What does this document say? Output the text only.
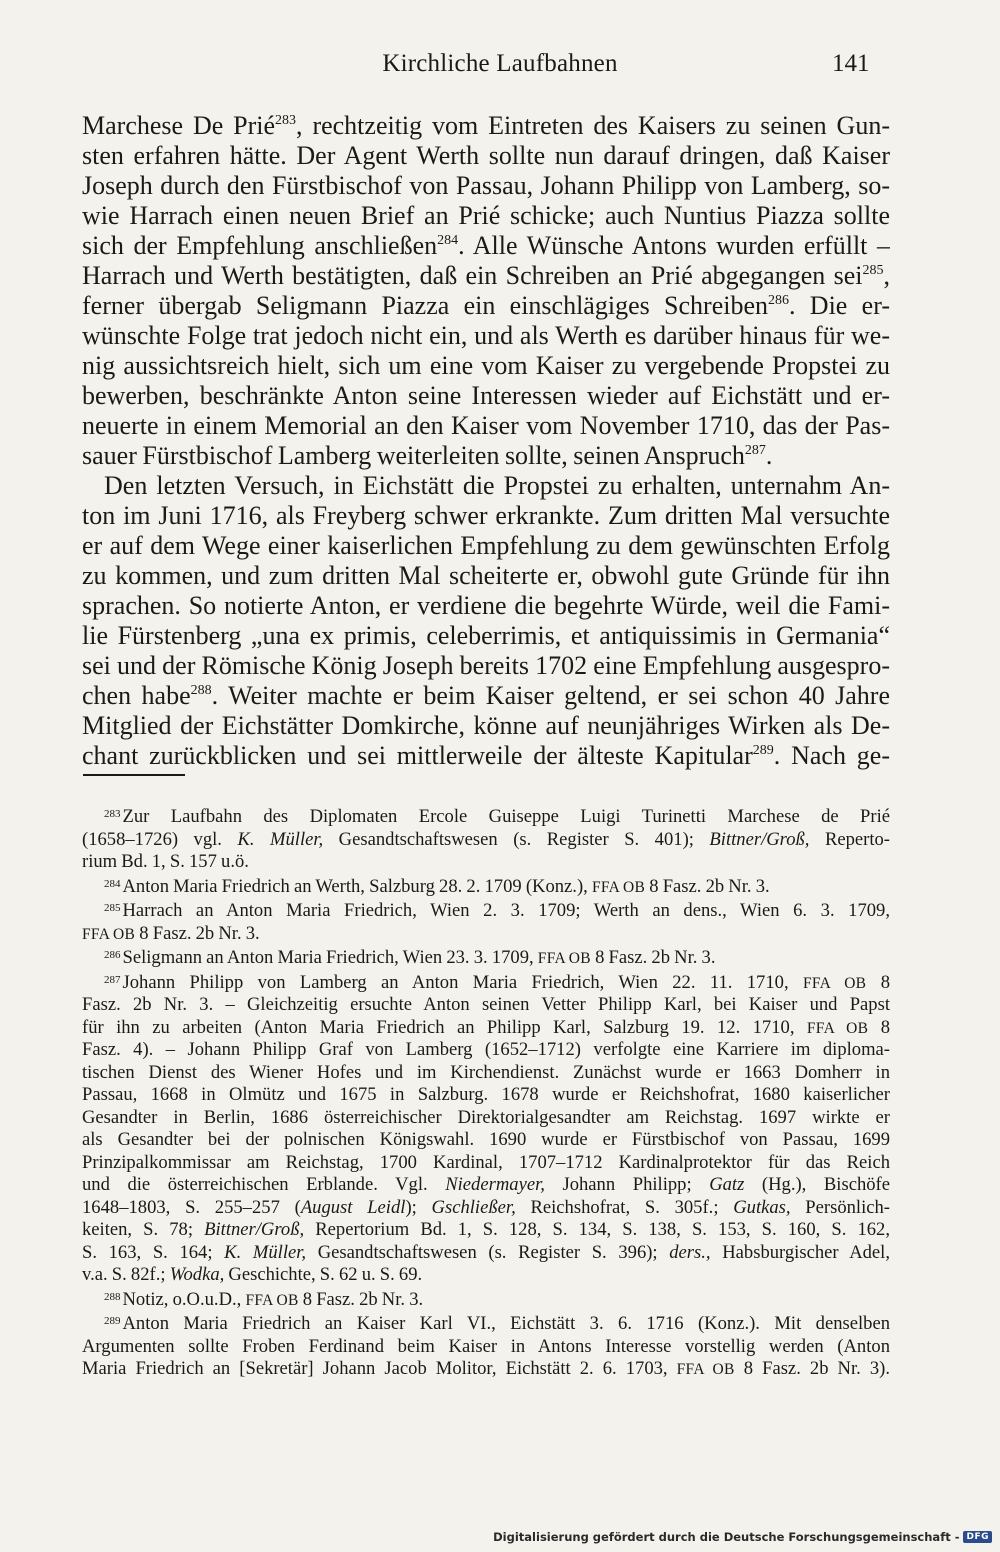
Kirchliche Laufbahnen	141
Marchese De Prié$^{283}$, rechtzeitig vom Eintreten des Kaisers zu seinen Gun-
sten erfahren hätte. Der Agent Werth sollte nun darauf dringen, daß Kaiser
Joseph durch den Fürstbischof von Passau, Johann Philipp von Lamberg, so-
wie Harrach einen neuen Brief an Prié schicke; auch Nuntius Piazza sollte
sich der Empfehlung anschließen$^{284}$. Alle Wünsche Antons wurden erfüllt –
Harrach und Werth bestätigten, daß ein Schreiben an Prié abgegangen sei$^{285}$,
ferner übergab Seligmann Piazza ein einschlägiges Schreiben$^{286}$. Die er-
wünschte Folge trat jedoch nicht ein, und als Werth es darüber hinaus für we-
nig aussichtsreich hielt, sich um eine vom Kaiser zu vergebende Propstei zu
bewerben, beschränkte Anton seine Interessen wieder auf Eichstätt und er-
neuerte in einem Memorial an den Kaiser vom November 1710, das der Pas-
sauer Fürstbischof Lamberg weiterleiten sollte, seinen Anspruch$^{287}$.
Den letzten Versuch, in Eichstätt die Propstei zu erhalten, unternahm An-
ton im Juni 1716, als Freyberg schwer erkrankte. Zum dritten Mal versuchte
er auf dem Wege einer kaiserlichen Empfehlung zu dem gewünschten Erfolg
zu kommen, und zum dritten Mal scheiterte er, obwohl gute Gründe für ihn
sprachen. So notierte Anton, er verdiene die begehrte Würde, weil die Fami-
lie Fürstenberg „una ex primis, celeberrimis, et antiquissimis in Germania“
sei und der Römische König Joseph bereits 1702 eine Empfehlung ausgespro-
chen habe$^{288}$. Weiter machte er beim Kaiser geltend, er sei schon 40 Jahre
Mitglied der Eichstätter Domkirche, könne auf neunjähriges Wirken als De-
chant zurückblicken und sei mittlerweile der älteste Kapitular$^{289}$. Nach ge-
$^{283}$ Zur Laufbahn des Diplomaten Ercole Guiseppe Luigi Turinetti Marchese de Prié
(1658–1726) vgl. K. Müller, Gesandtschaftswesen (s. Register S. 401); Bittner/Groß, Reperto-
rium Bd. 1, S. 157 u.ö.
$^{284}$ Anton Maria Friedrich an Werth, Salzburg 28. 2. 1709 (Konz.), FFA OB 8 Fasz. 2b Nr. 3.
$^{285}$ Harrach an Anton Maria Friedrich, Wien 2. 3. 1709; Werth an dens., Wien 6. 3. 1709,
FFA OB 8 Fasz. 2b Nr. 3.
$^{286}$ Seligmann an Anton Maria Friedrich, Wien 23. 3. 1709, FFA OB 8 Fasz. 2b Nr. 3.
$^{287}$ Johann Philipp von Lamberg an Anton Maria Friedrich, Wien 22. 11. 1710, FFA OB 8
Fasz. 2b Nr. 3. – Gleichzeitig ersuchte Anton seinen Vetter Philipp Karl, bei Kaiser und Papst
für ihn zu arbeiten (Anton Maria Friedrich an Philipp Karl, Salzburg 19. 12. 1710, FFA OB 8
Fasz. 4). – Johann Philipp Graf von Lamberg (1652–1712) verfolgte eine Karriere im diploma-
tischen Dienst des Wiener Hofes und im Kirchendienst. Zunächst wurde er 1663 Domherr in
Passau, 1668 in Olmütz und 1675 in Salzburg. 1678 wurde er Reichshofrat, 1680 kaiserlicher
Gesandter in Berlin, 1686 österreichischer Direktorialgesandter am Reichstag. 1697 wirkte er
als Gesandter bei der polnischen Königswahl. 1690 wurde er Fürstbischof von Passau, 1699
Prinzipalkommissar am Reichstag, 1700 Kardinal, 1707–1712 Kardinalprotektor für das Reich
und die österreichischen Erblande. Vgl. Niedermayer, Johann Philipp; Gatz (Hg.), Bischöfe
1648–1803, S. 255–257 (August Leidl); Gschließer, Reichshofrat, S. 305f.; Gutkas, Persönlich-
keiten, S. 78; Bittner/Groß, Repertorium Bd. 1, S. 128, S. 134, S. 138, S. 153, S. 160, S. 162,
S. 163, S. 164; K. Müller, Gesandtschaftswesen (s. Register S. 396); ders., Habsburgischer Adel,
v.a. S. 82f.; Wodka, Geschichte, S. 62 u. S. 69.
$^{288}$ Notiz, o.O.u.D., FFA OB 8 Fasz. 2b Nr. 3.
$^{289}$ Anton Maria Friedrich an Kaiser Karl VI., Eichstätt 3. 6. 1716 (Konz.). Mit denselben
Argumenten sollte Froben Ferdinand beim Kaiser in Antons Interesse vorstellig werden (Anton
Maria Friedrich an [Sekretär] Johann Jacob Molitor, Eichstätt 2. 6. 1703, FFA OB 8 Fasz. 2b Nr. 3).
Digitalisierung gefördert durch die Deutsche Forschungsgemeinschaft - DFG
